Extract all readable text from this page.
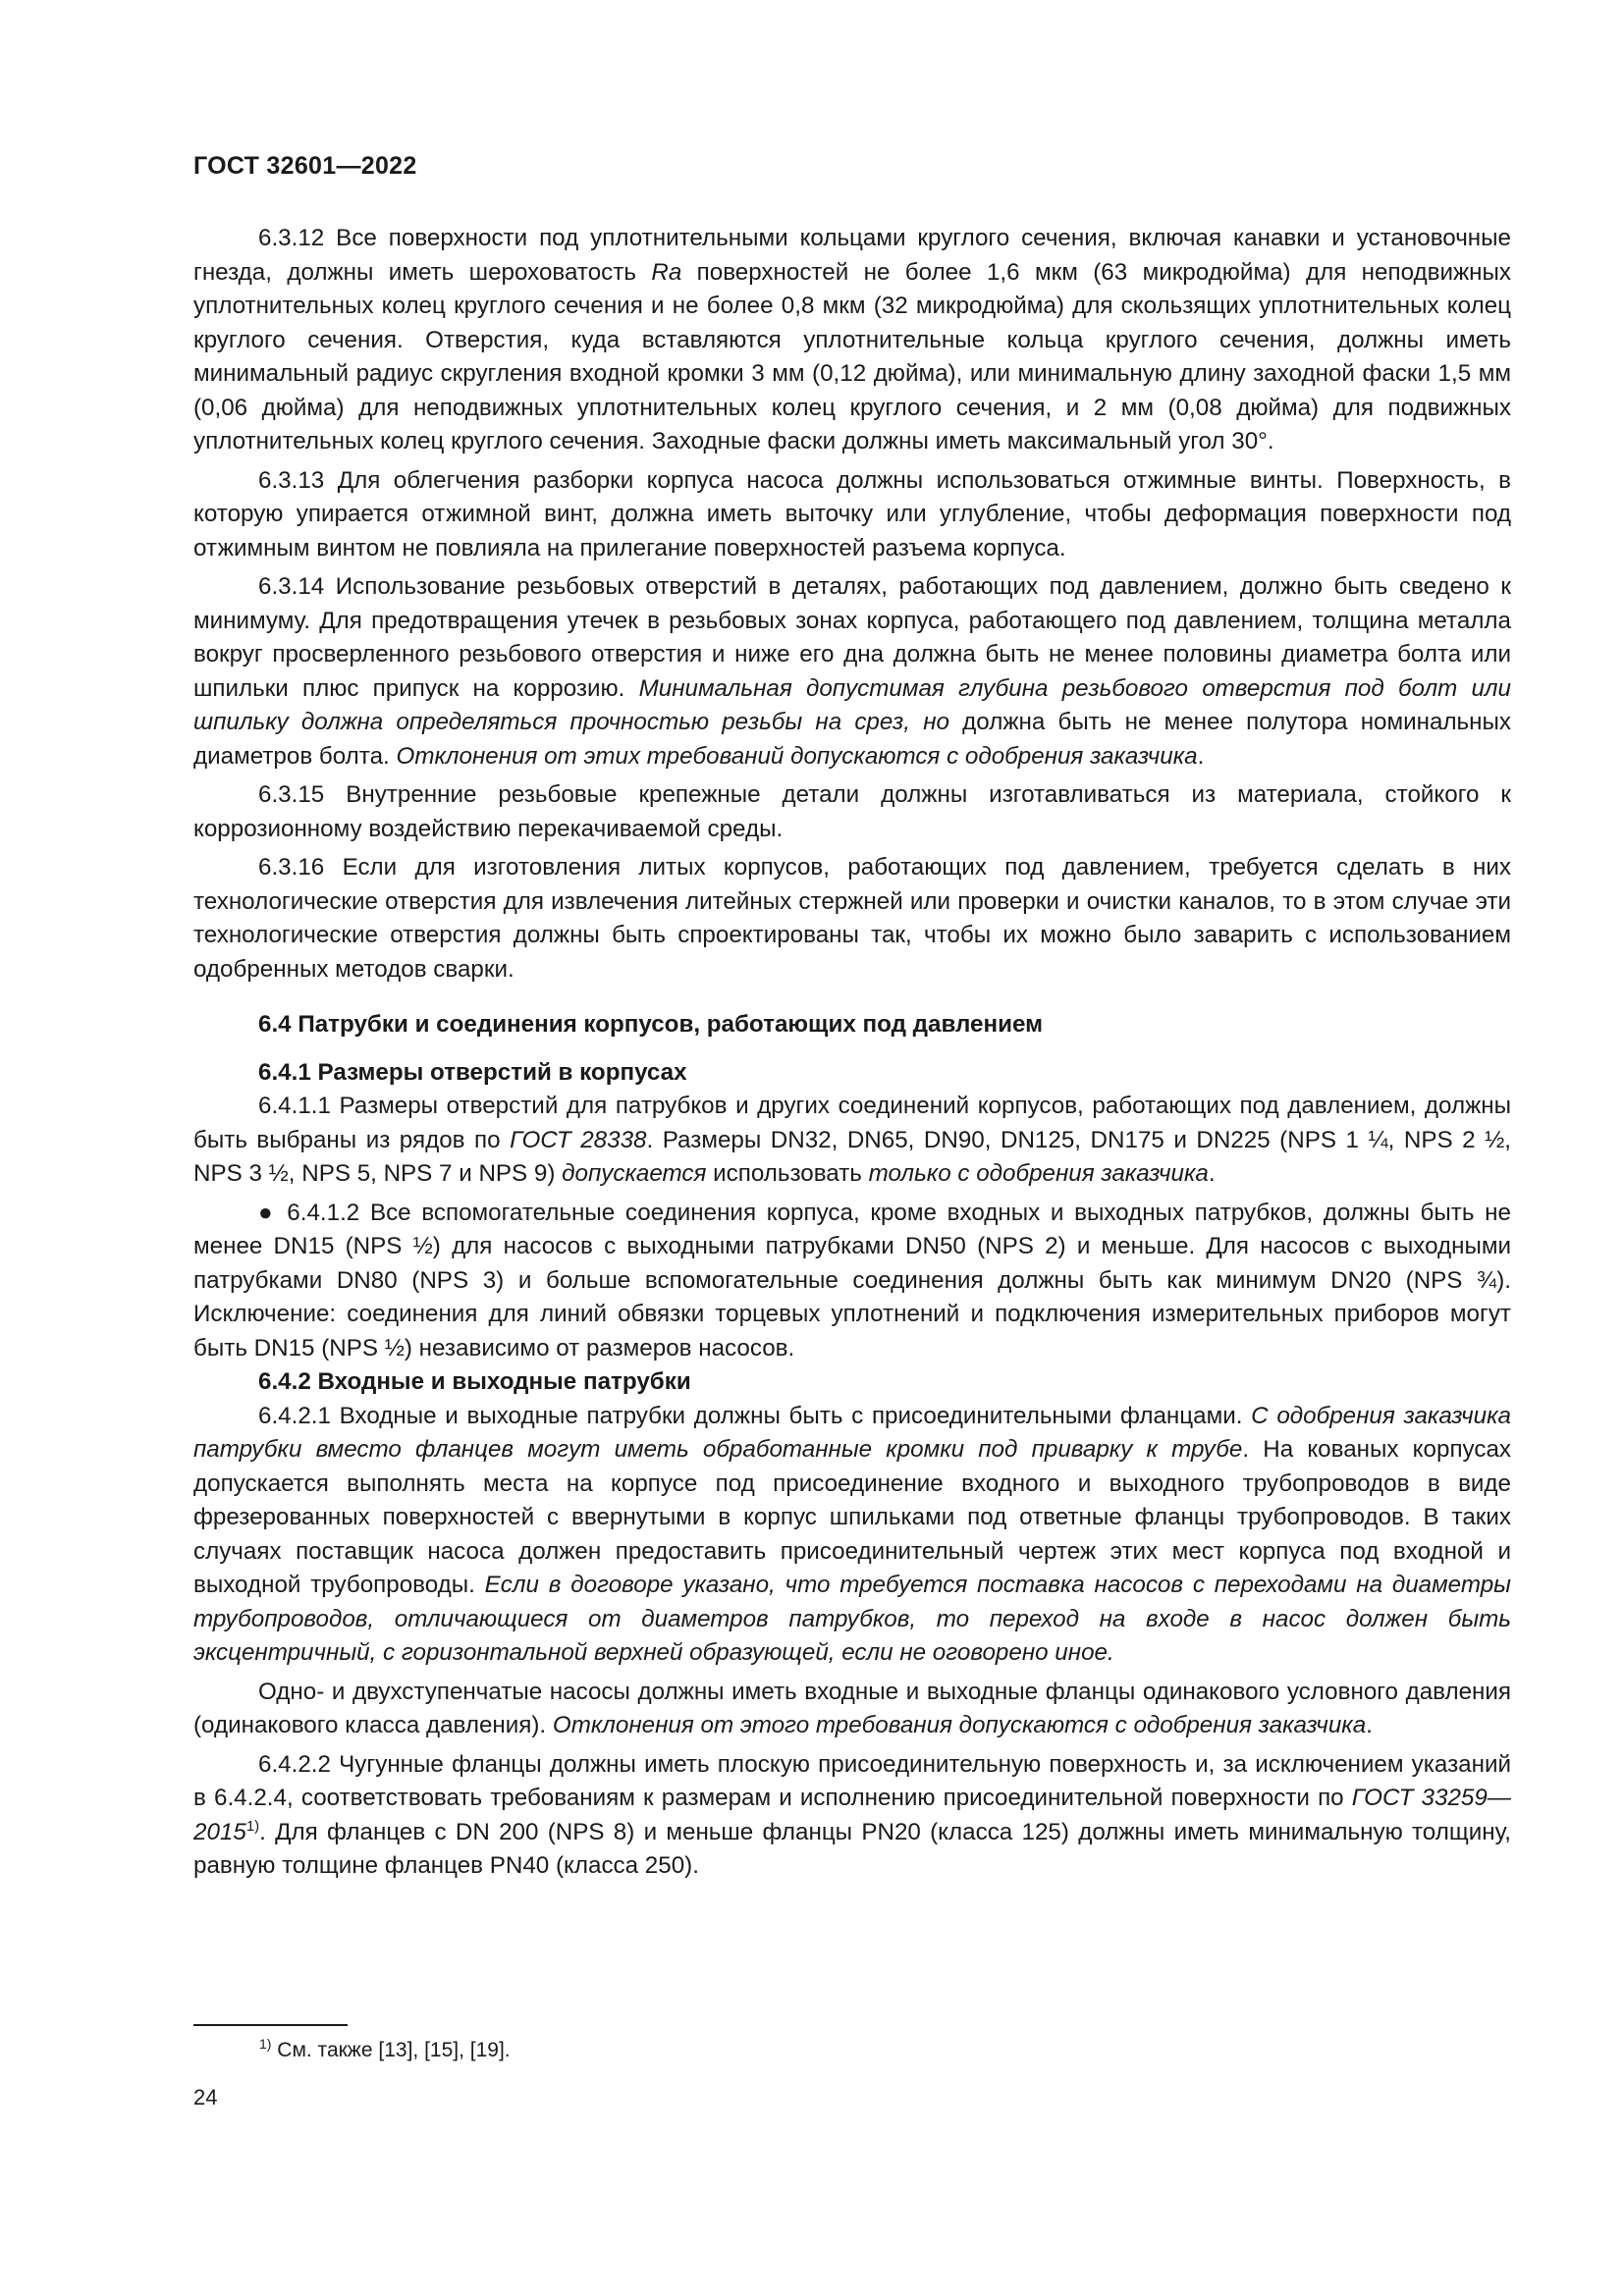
ГОСТ 32601—2022

6.3.12 Все поверхности под уплотнительными кольцами круглого сечения, включая канавки и установочные гнезда, должны иметь шероховатость Ra поверхностей не более 1,6 мкм (63 микродюйма) для неподвижных уплотнительных колец круглого сечения и не более 0,8 мкм (32 микродюйма) для скользящих уплотнительных колец круглого сечения. Отверстия, куда вставляются уплотнительные кольца круглого сечения, должны иметь минимальный радиус скругления входной кромки 3 мм (0,12 дюйма), или минимальную длину заходной фаски 1,5 мм (0,06 дюйма) для неподвижных уплотнительных колец круглого сечения, и 2 мм (0,08 дюйма) для подвижных уплотнительных колец круглого сечения. Заходные фаски должны иметь максимальный угол 30°.

6.3.13 Для облегчения разборки корпуса насоса должны использоваться отжимные винты. Поверхность, в которую упирается отжимной винт, должна иметь выточку или углубление, чтобы деформация поверхности под отжимным винтом не повлияла на прилегание поверхностей разъема корпуса.

6.3.14 Использование резьбовых отверстий в деталях, работающих под давлением, должно быть сведено к минимуму. Для предотвращения утечек в резьбовых зонах корпуса, работающего под давлением, толщина металла вокруг просверленного резьбового отверстия и ниже его дна должна быть не менее половины диаметра болта или шпильки плюс припуск на коррозию. Минимальная допустимая глубина резьбового отверстия под болт или шпильку должна определяться прочностью резьбы на срез, но должна быть не менее полутора номинальных диаметров болта. Отклонения от этих требований допускаются с одобрения заказчика.

6.3.15 Внутренние резьбовые крепежные детали должны изготавливаться из материала, стойкого к коррозионному воздействию перекачиваемой среды.

6.3.16 Если для изготовления литых корпусов, работающих под давлением, требуется сделать в них технологические отверстия для извлечения литейных стержней или проверки и очистки каналов, то в этом случае эти технологические отверстия должны быть спроектированы так, чтобы их можно было заварить с использованием одобренных методов сварки.

6.4 Патрубки и соединения корпусов, работающих под давлением
6.4.1 Размеры отверстий в корпусах

6.4.1.1 Размеры отверстий для патрубков и других соединений корпусов, работающих под давлением, должны быть выбраны из рядов по ГОСТ 28338. Размеры DN32, DN65, DN90, DN125, DN175 и DN225 (NPS 1 ¼, NPS 2 ½, NPS 3 ½, NPS 5, NPS 7 и NPS 9) допускается использовать только с одобрения заказчика.

● 6.4.1.2 Все вспомогательные соединения корпуса, кроме входных и выходных патрубков, должны быть не менее DN15 (NPS ½) для насосов с выходными патрубками DN50 (NPS 2) и меньше. Для насосов с выходными патрубками DN80 (NPS 3) и больше вспомогательные соединения должны быть как минимум DN20 (NPS ¾). Исключение: соединения для линий обвязки торцевых уплотнений и подключения измерительных приборов могут быть DN15 (NPS ½) независимо от размеров насосов.

6.4.2 Входные и выходные патрубки

6.4.2.1 Входные и выходные патрубки должны быть с присоединительными фланцами. С одобрения заказчика патрубки вместо фланцев могут иметь обработанные кромки под приварку к трубе. На кованых корпусах допускается выполнять места на корпусе под присоединение входного и выходного трубопроводов в виде фрезерованных поверхностей с ввернутыми в корпус шпильками под ответные фланцы трубопроводов. В таких случаях поставщик насоса должен предоставить присоединительный чертеж этих мест корпуса под входной и выходной трубопроводы. Если в договоре указано, что требуется поставка насосов с переходами на диаметры трубопроводов, отличающиеся от диаметров патрубков, то переход на входе в насос должен быть эксцентричный, с горизонтальной верхней образующей, если не оговорено иное.

Одно- и двухступенчатые насосы должны иметь входные и выходные фланцы одинакового условного давления (одинакового класса давления). Отклонения от этого требования допускаются с одобрения заказчика.

6.4.2.2 Чугунные фланцы должны иметь плоскую присоединительную поверхность и, за исключением указаний в 6.4.2.4, соответствовать требованиям к размерам и исполнению присоединительной поверхности по ГОСТ 33259—2015$^{1)}$. Для фланцев с DN 200 (NPS 8) и меньше фланцы PN20 (класса 125) должны иметь минимальную толщину, равную толщине фланцев PN40 (класса 250).

$^{1)}$ См. также [13], [15], [19].
24
